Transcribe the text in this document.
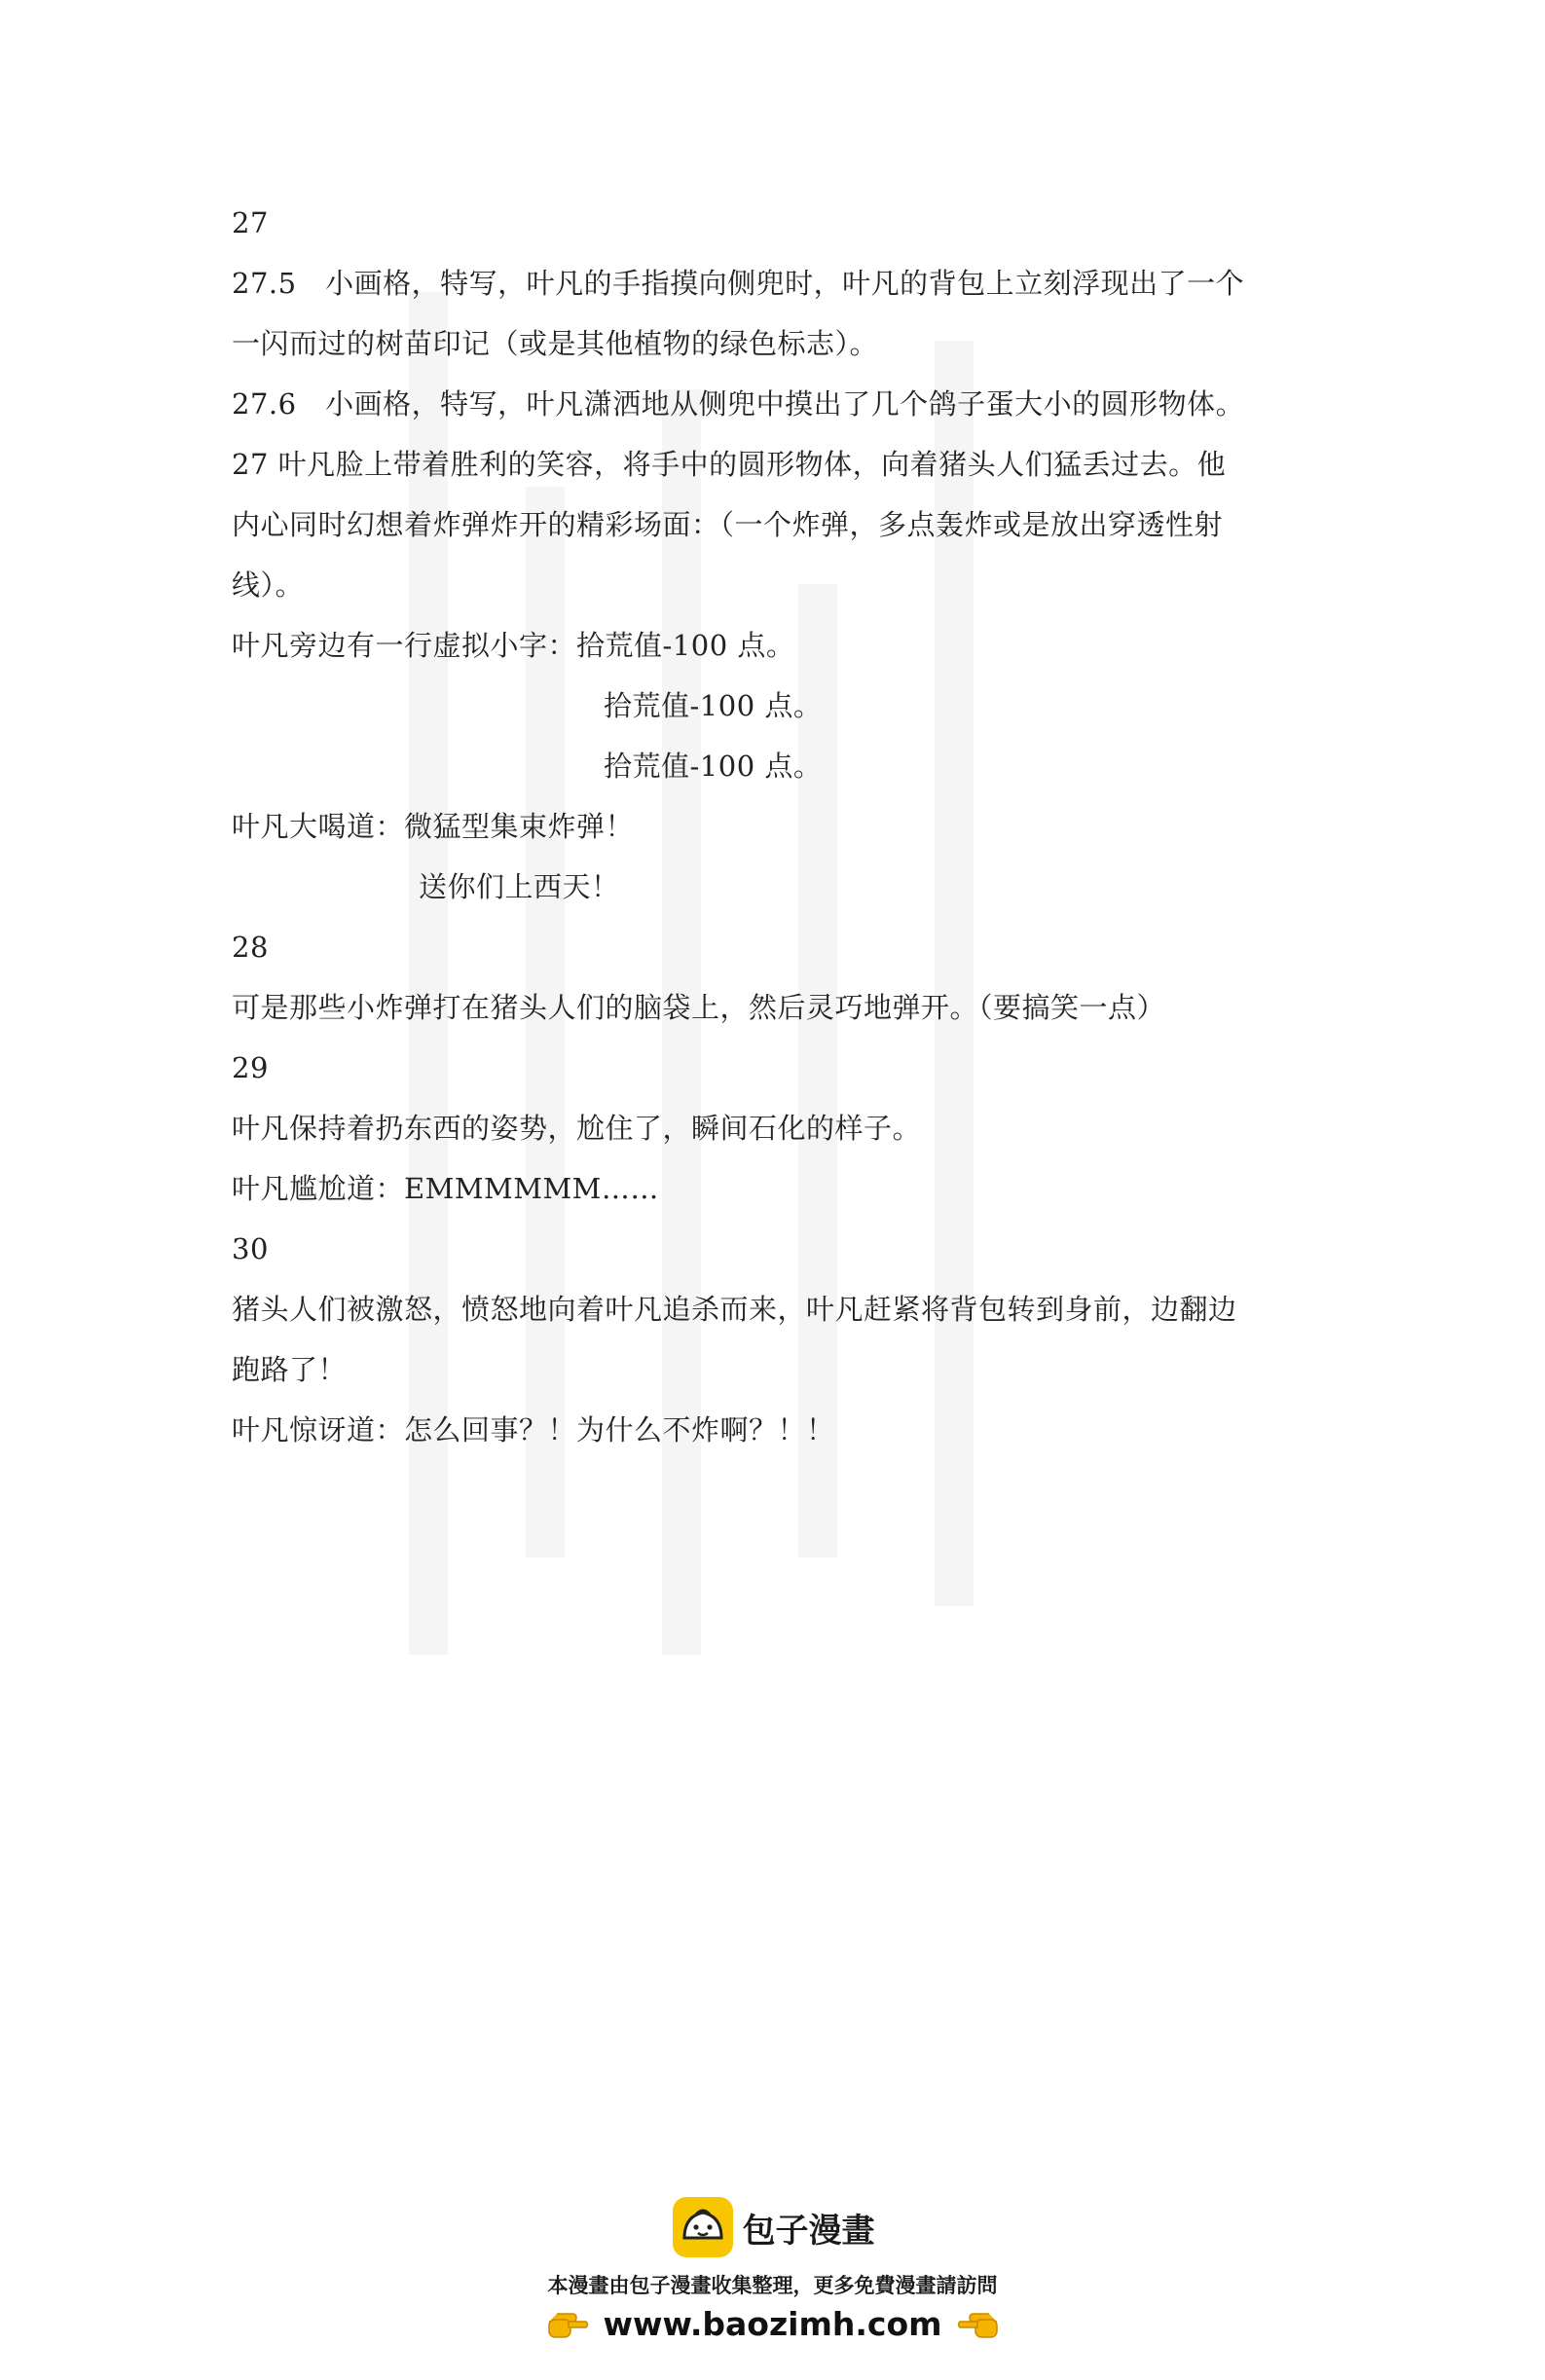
27
27.5　小画格，特写，叶凡的手指摸向侧兜时，叶凡的背包上立刻浮现出了一个
一闪而过的树苗印记（或是其他植物的绿色标志）。
27.6　小画格，特写，叶凡潇洒地从侧兜中摸出了几个鸽子蛋大小的圆形物体。
27 叶凡脸上带着胜利的笑容，将手中的圆形物体，向着猪头人们猛丢过去。他
内心同时幻想着炸弹炸开的精彩场面：（一个炸弹，多点轰炸或是放出穿透性射
线）。
叶凡旁边有一行虚拟小字：拾荒值-100 点。
拾荒值-100 点。
拾荒值-100 点。
叶凡大喝道：微猛型集束炸弹！
送你们上西天！
28
可是那些小炸弹打在猪头人们的脑袋上，然后灵巧地弹开。（要搞笑一点）
29
叶凡保持着扔东西的姿势，尬住了，瞬间石化的样子。
叶凡尴尬道：EMMMMMM……
30
猪头人们被激怒，愤怒地向着叶凡追杀而来，叶凡赶紧将背包转到身前，边翻边
跑路了！
叶凡惊讶道：怎么回事？！为什么不炸啊？！！
包子漫畫
本漫畫由包子漫畫收集整理，更多免費漫畫請訪問
www.baozimh.com
